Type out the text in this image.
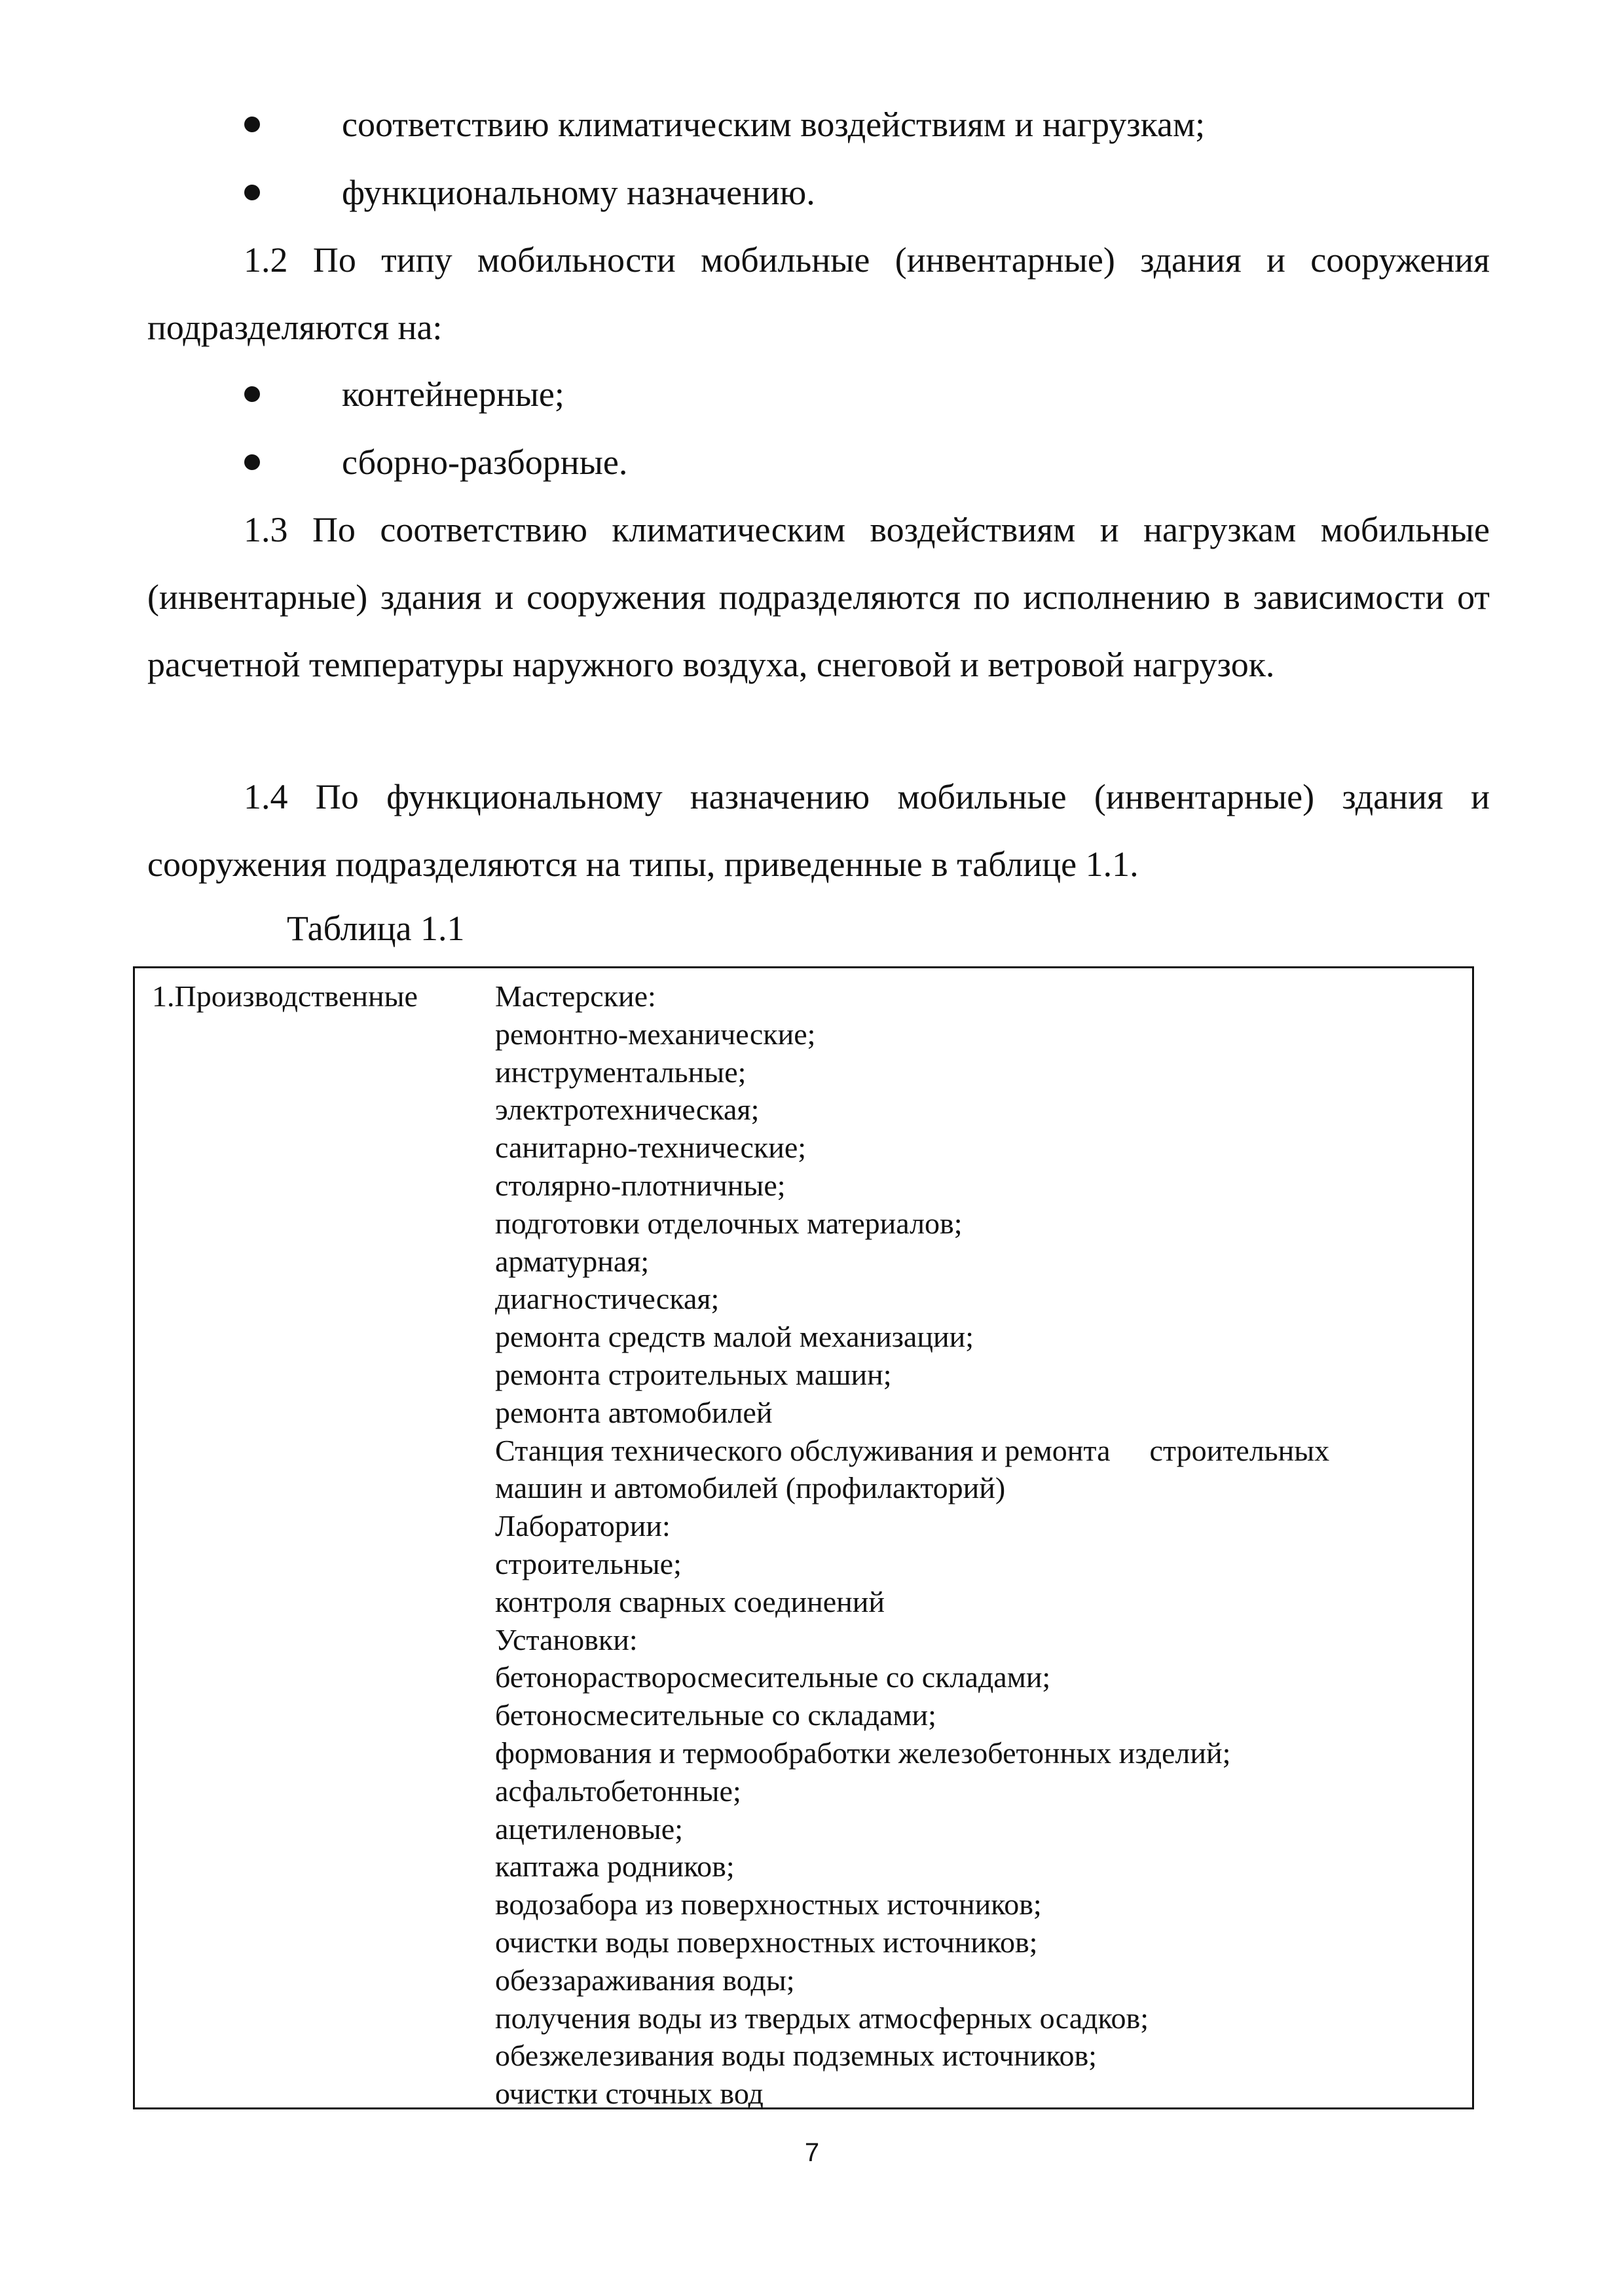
соответствию климатическим воздействиям и нагрузкам;
функциональному назначению.

1.2 По типу мобильности мобильные (инвентарные) здания и сооружения подразделяются на:

контейнерные;
сборно-разборные.

1.3 По соответствию климатическим воздействиям и нагрузкам мобильные (инвентарные) здания и сооружения подразделяются по исполнению в зависимости от расчетной температуры наружного воздуха, снеговой и ветровой нагрузок.

1.4 По функциональному назначению мобильные (инвентарные) здания и сооружения подразделяются на типы, приведенные в таблице 1.1.

Таблица 1.1
1.Производственные	Мастерские:
ремонтно-механические;
инструментальные;
электротехническая;
санитарно-технические;
столярно-плотничные;
подготовки отделочных материалов;
арматурная;
диагностическая;
ремонта средств малой механизации;
ремонта строительных машин;
ремонта автомобилей
Станция технического обслуживания и ремонта строительных
машин и автомобилей (профилакторий)
Лаборатории:
строительные;
контроля сварных соединений
Установки:
бетонорастворосмесительные со складами;
бетоносмесительные со складами;
формования и термообработки железобетонных изделий;
асфальтобетонные;
ацетиленовые;
каптажа родников;
водозабора из поверхностных источников;
очистки воды поверхностных источников;
обеззараживания воды;
получения воды из твердых атмосферных осадков;
обезжелезивания воды подземных источников;
очистки сточных вод
7
